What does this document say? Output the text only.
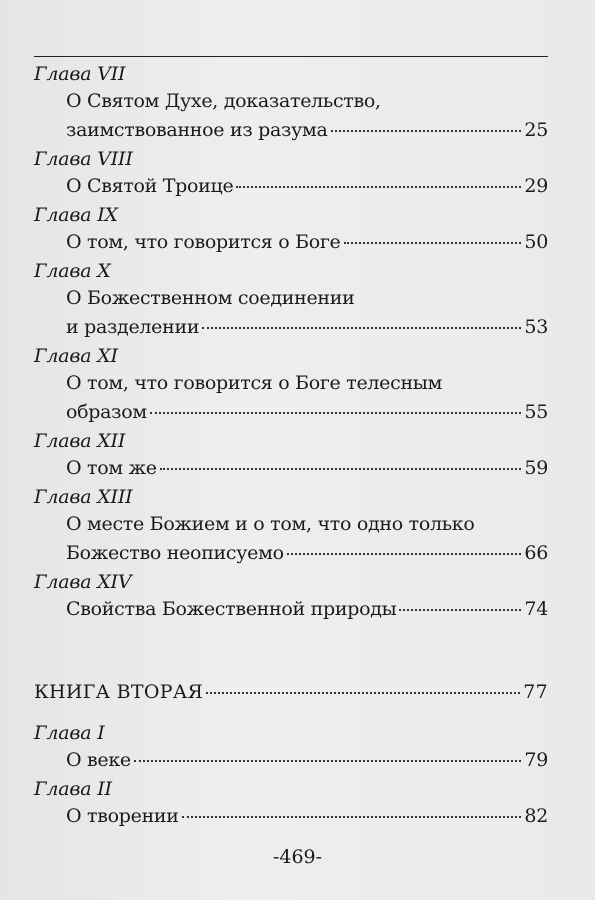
Глава VII
О Святом Духе, доказательство,
заимствованное из разума	25
Глава VIII
О Святой Троице	29
Глава IX
О том, что говорится о Боге	50
Глава X
О Божественном соединении
и разделении	53
Глава XI
О том, что говорится о Боге телесным
образом	55
Глава XII
О том же	59
Глава XIII
О месте Божием и о том, что одно только
Божество неописуемо	66
Глава XIV
Свойства Божественной природы	74
КНИГА ВТОРАЯ	77
Глава I
О веке	79
Глава II
О творении	82
-469-
